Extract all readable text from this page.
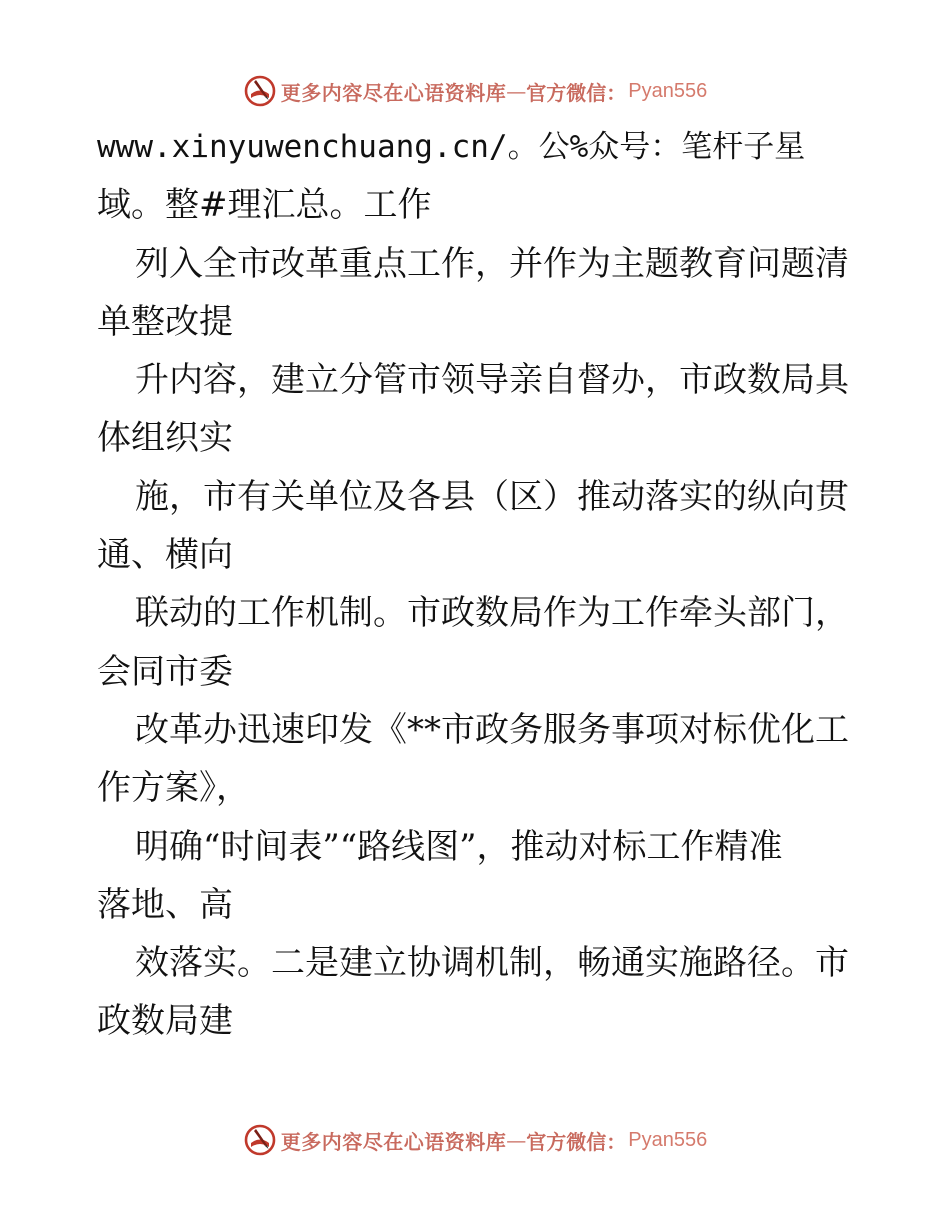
更多内容尽在心语资料库 — 官方微信： Pyan556
www.xinyuwenchuang.cn/。公%众号：笔杆子星
域。整#理汇总。工作
列入全市改革重点工作，并作为主题教育问题清
单整改提
升内容，建立分管市领导亲自督办，市政数局具
体组织实
施，市有关单位及各县（区）推动落实的纵向贯
通、横向
联动的工作机制。市政数局作为工作牵头部门，
会同市委
改革办迅速印发《**市政务服务事项对标优化工
作方案》，
明确“时间表”“路线图”，推动对标工作精准
落地、高
效落实。二是建立协调机制，畅通实施路径。市
政数局建
更多内容尽在心语资料库 — 官方微信： Pyan556
